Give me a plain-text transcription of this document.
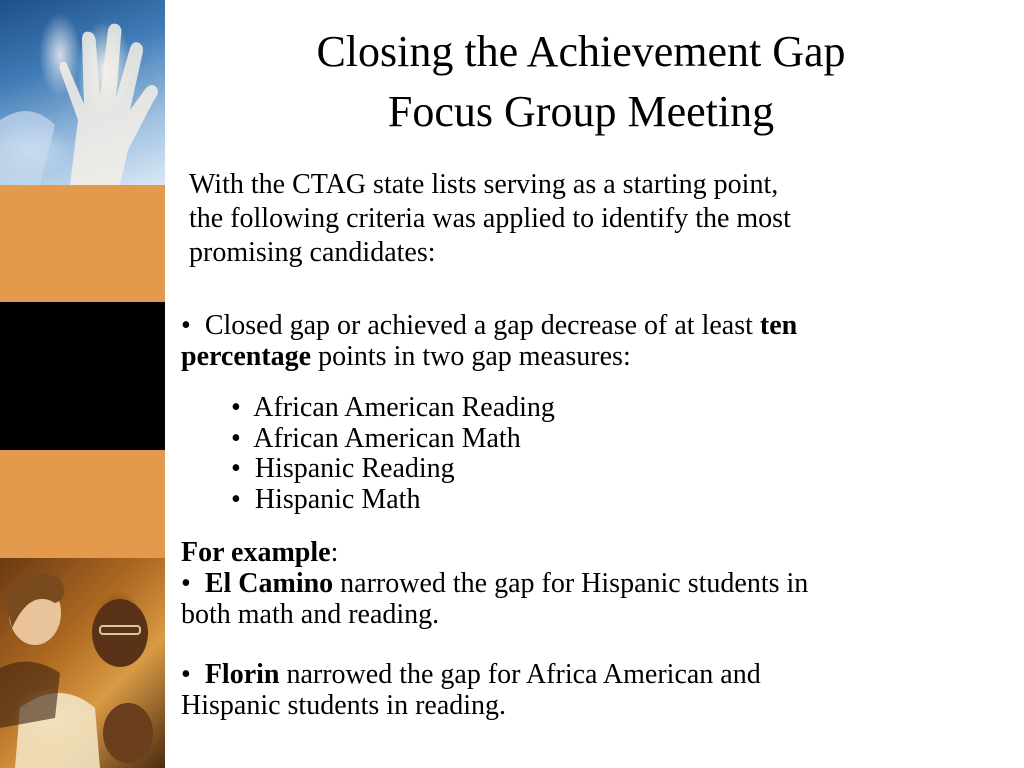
Closing the Achievement Gap
Focus Group Meeting

With the CTAG state lists serving as a starting point,
the following criteria was applied to identify the most
promising candidates:

• Closed gap or achieved a gap decrease of at least ten
percentage points in two gap measures:
•  African American Reading
•  African American Math
•  Hispanic Reading
•  Hispanic Math
For example:
• El Camino narrowed the gap for Hispanic students in
both math and reading.
• Florin narrowed the gap for Africa American and
Hispanic students in reading.
